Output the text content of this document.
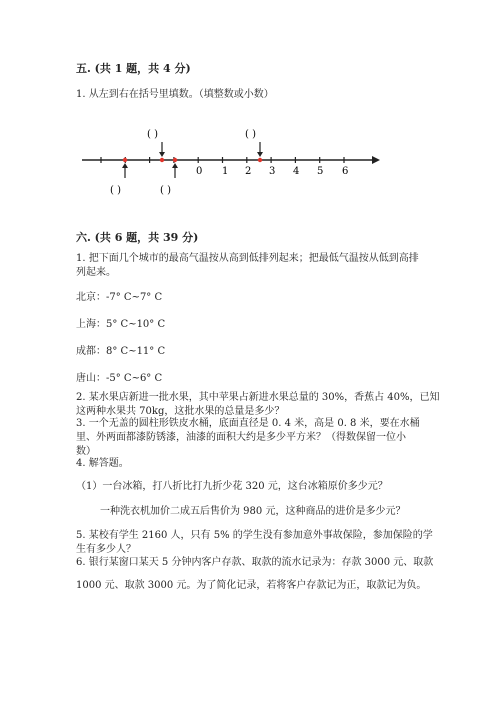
五. (共 1 题，共 4 分)
1. 从左到右在括号里填数。（填整数或小数）
( )	( )
( )	( )
0 1 2 3 4 5 6
六. (共 6 题，共 39 分)
1. 把下面几个城市的最高气温按从高到低排列起来；把最低气温按从低到高排
列起来。
北京：-7° C~7° C
上海：5° C~10° C
成都：8° C~11° C
唐山：-5° C~6° C
2. 某水果店新进一批水果，其中苹果占新进水果总量的 30%，香蕉占 40%，已知
这两种水果共 70kg，这批水果的总量是多少？
3. 一个无盖的圆柱形铁皮水桶，底面直径是 0. 4 米，高是 0. 8 米，要在水桶
里、外两面都漆防锈漆，油漆的面积大约是多少平方米？（得数保留一位小
数）
4. 解答题。
（1）一台冰箱，打八折比打九折少花 320 元，这台冰箱原价多少元？
一种洗衣机加价二成五后售价为 980 元，这种商品的进价是多少元？
5. 某校有学生 2160 人，只有 5% 的学生没有参加意外事故保险，参加保险的学
生有多少人？
6. 银行某窗口某天 5 分钟内客户存款、取款的流水记录为：存款 3000 元、取款
1000 元、取款 3000 元。为了简化记录，若将客户存款记为正，取款记为负。
